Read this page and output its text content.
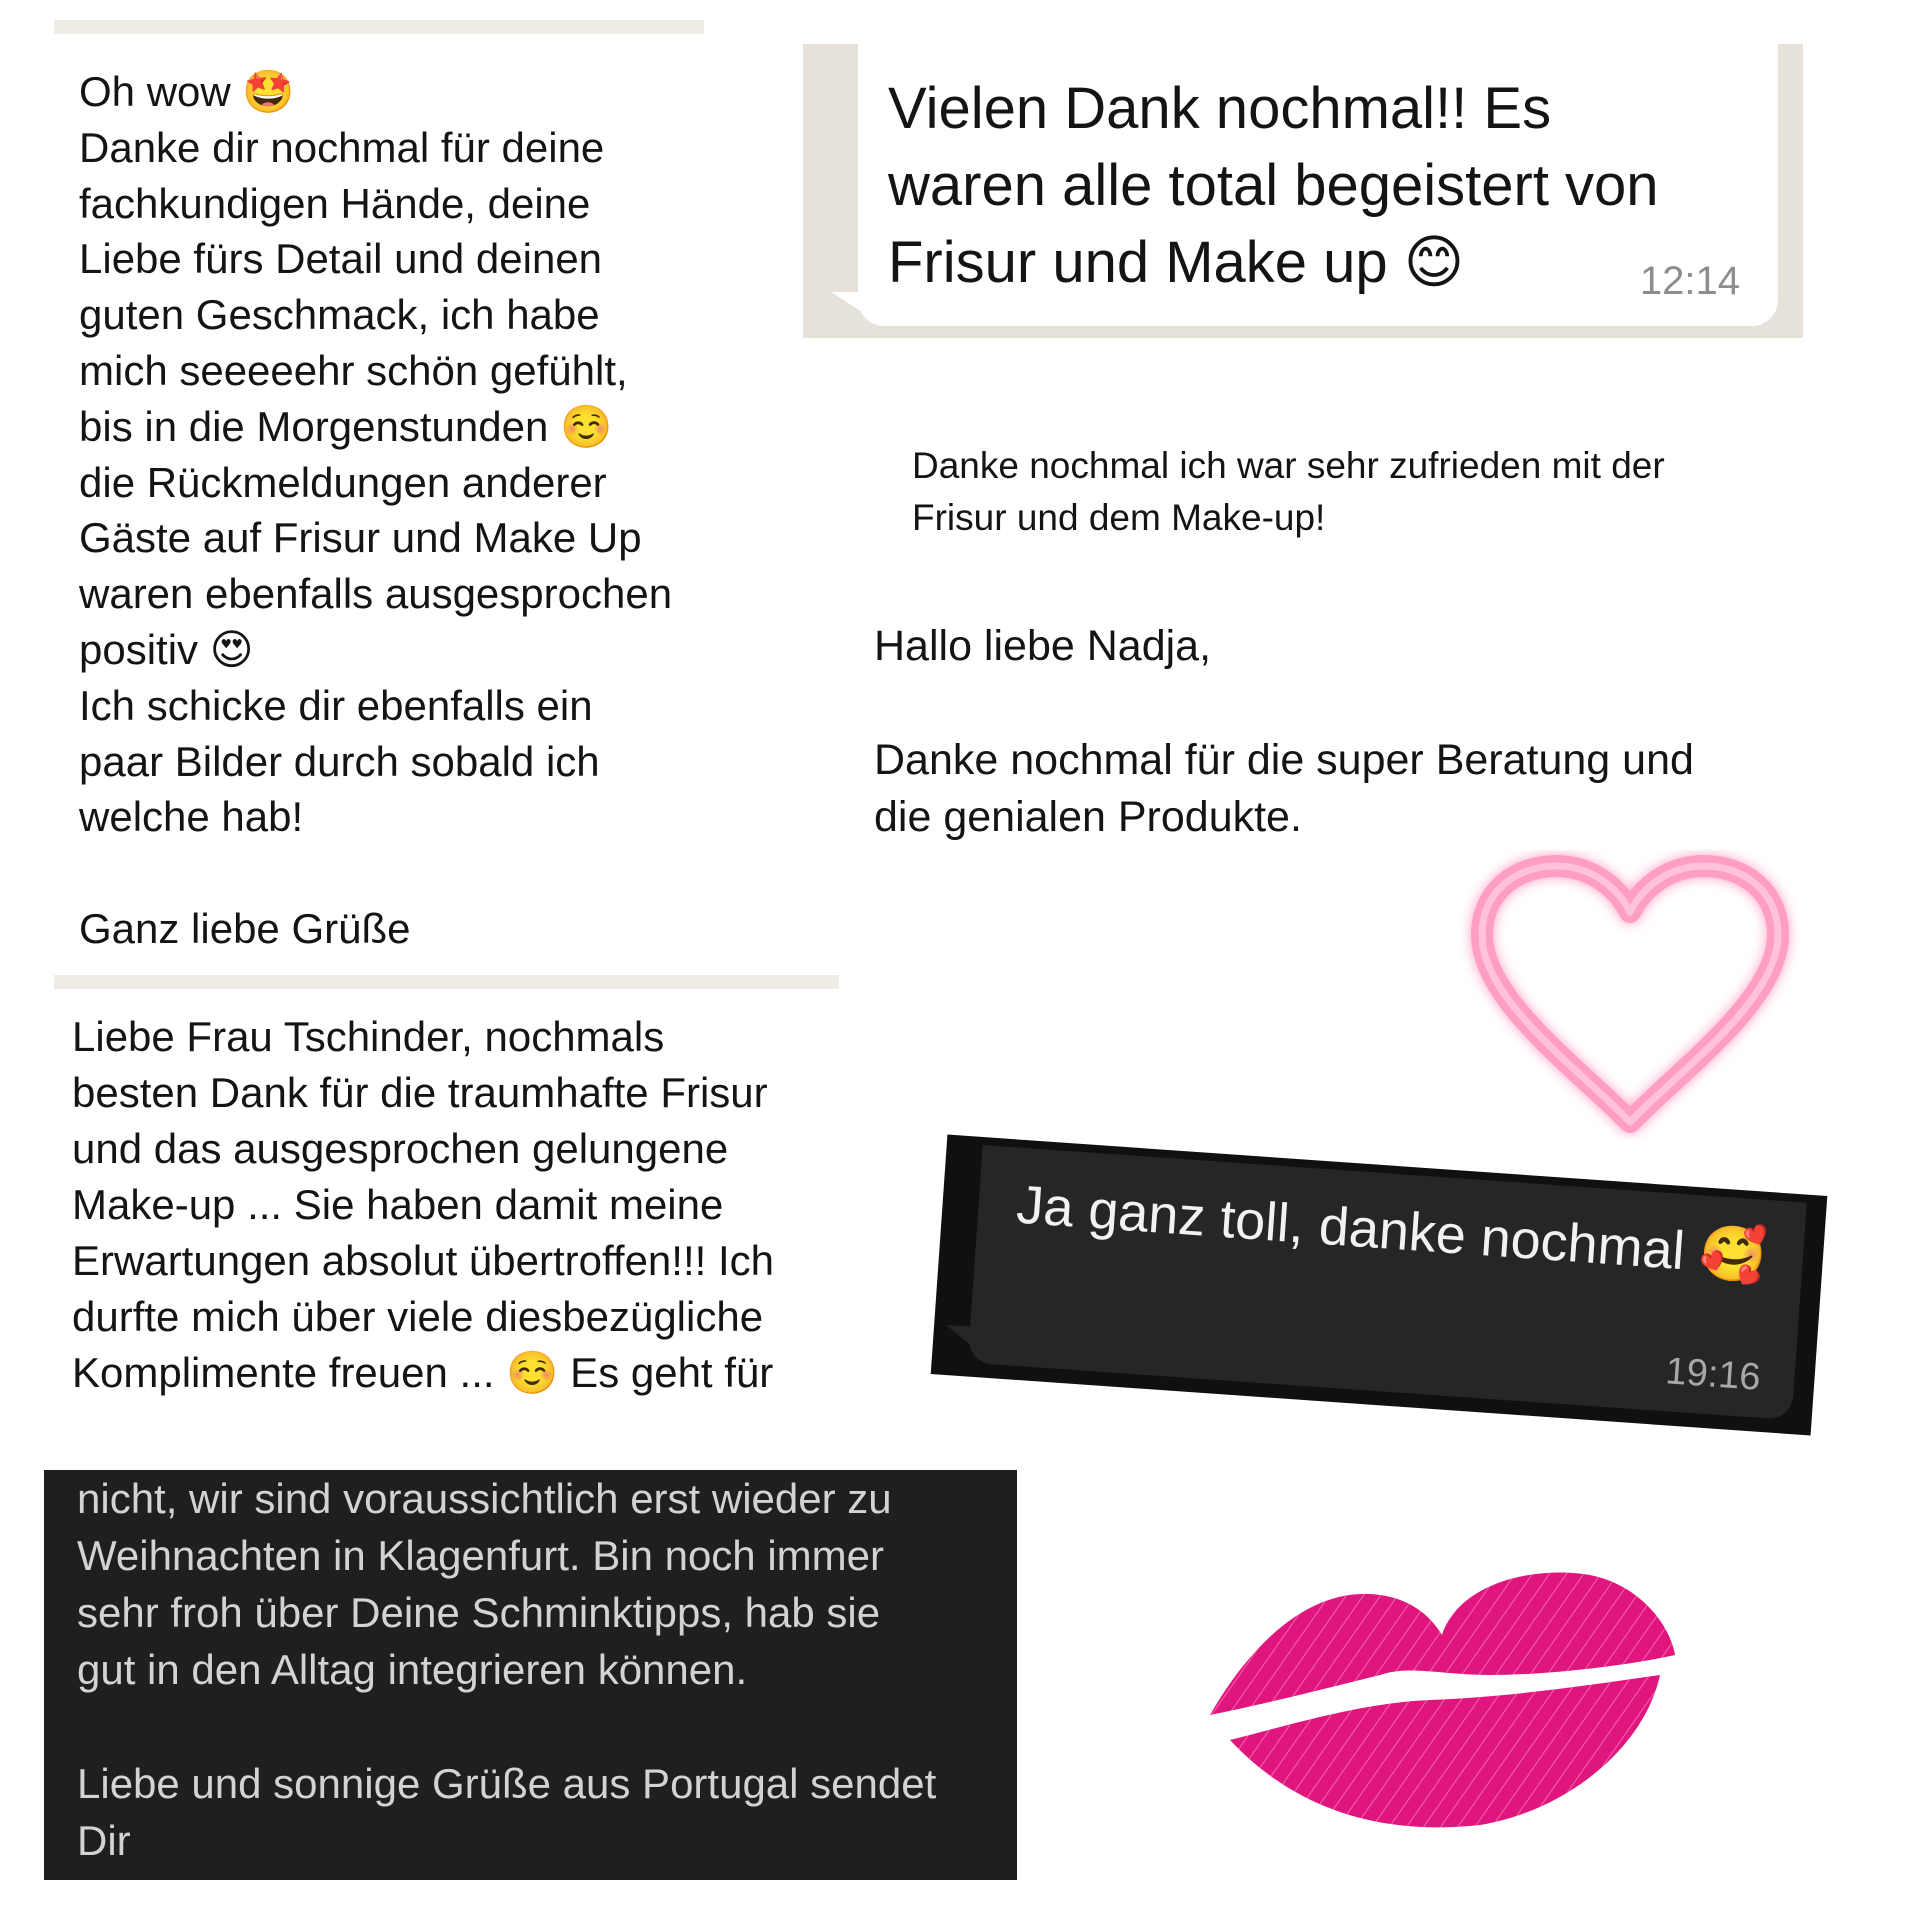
Oh wow 🤩
Danke dir nochmal für deine
fachkundigen Hände, deine
Liebe fürs Detail und deinen
guten Geschmack, ich habe
mich seeeeehr schön gefühlt,
bis in die Morgenstunden ☺️
die Rückmeldungen anderer
Gäste auf Frisur und Make Up
waren ebenfalls ausgesprochen
positiv 😍
Ich schicke dir ebenfalls ein
paar Bilder durch sobald ich
welche hab!

Ganz liebe Grüße

Vielen Dank nochmal!! Es
waren alle total begeistert von
Frisur und Make up 😊	12:14

Danke nochmal ich war sehr zufrieden mit der
Frisur und dem Make-up!

Hallo liebe Nadja,

Danke nochmal für die super Beratung und
die genialen Produkte.

Liebe Frau Tschinder, nochmals
besten Dank für die traumhafte Frisur
und das ausgesprochen gelungene
Make-up ... Sie haben damit meine
Erwartungen absolut übertroffen!!! Ich
durfte mich über viele diesbezügliche
Komplimente freuen ... ☺️ Es geht für

Ja ganz toll, danke nochmal 🥰

19:16

nicht, wir sind voraussichtlich erst wieder zu
Weihnachten in Klagenfurt. Bin noch immer
sehr froh über Deine Schminktipps, hab sie
gut in den Alltag integrieren können.

Liebe und sonnige Grüße aus Portugal sendet
Dir
